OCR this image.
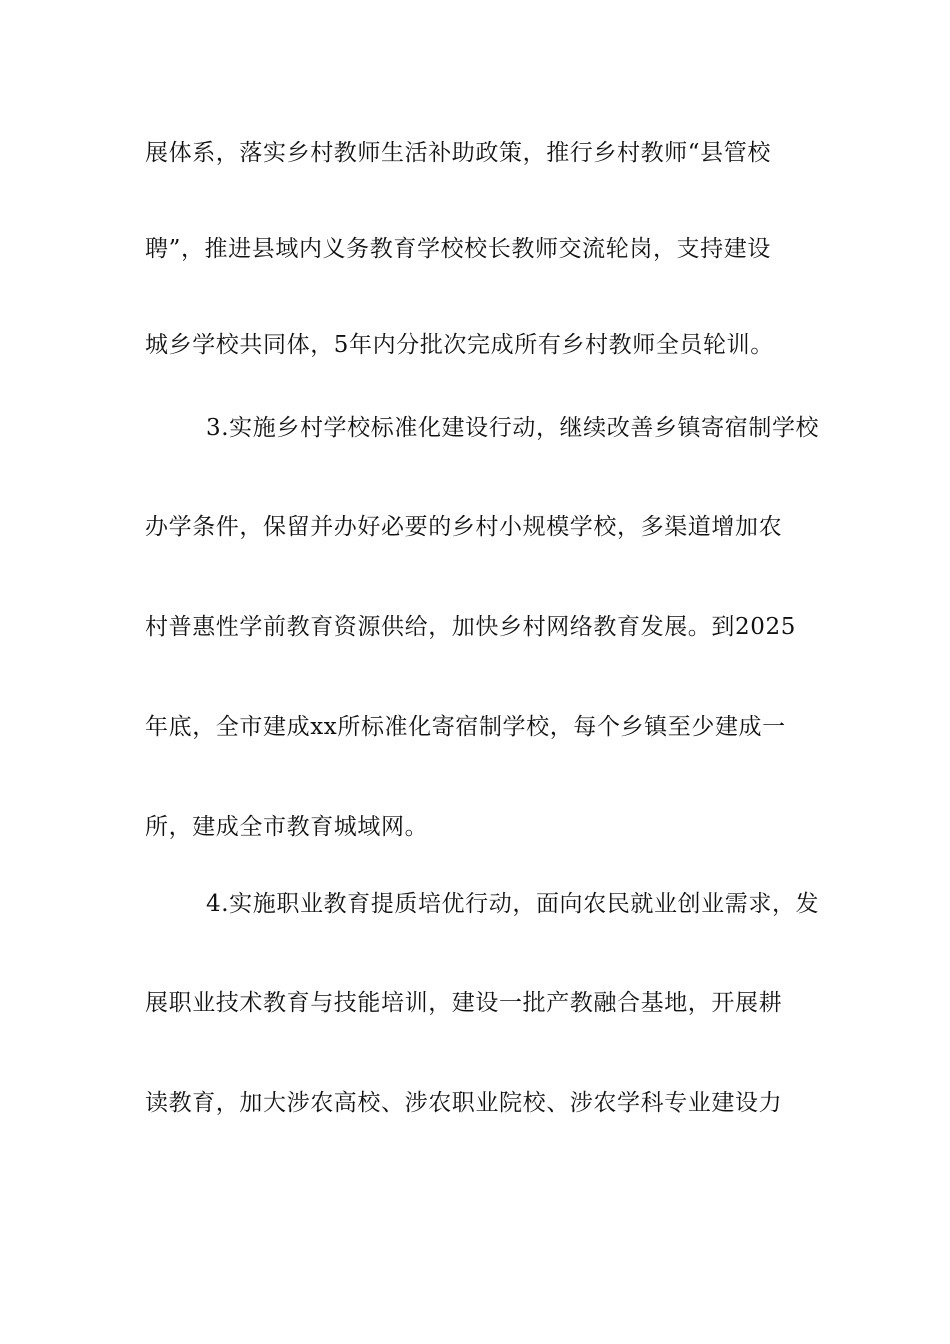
展体系，落实乡村教师生活补助政策，推行乡村教师“县管校
聘”，推进县域内义务教育学校校长教师交流轮岗，支持建设
城乡学校共同体，5年内分批次完成所有乡村教师全员轮训。
3.实施乡村学校标准化建设行动，继续改善乡镇寄宿制学校
办学条件，保留并办好必要的乡村小规模学校，多渠道增加农
村普惠性学前教育资源供给，加快乡村网络教育发展。到2025
年底，全市建成xx所标准化寄宿制学校，每个乡镇至少建成一
所，建成全市教育城域网。
4.实施职业教育提质培优行动，面向农民就业创业需求，发
展职业技术教育与技能培训，建设一批产教融合基地，开展耕
读教育，加大涉农高校、涉农职业院校、涉农学科专业建设力
